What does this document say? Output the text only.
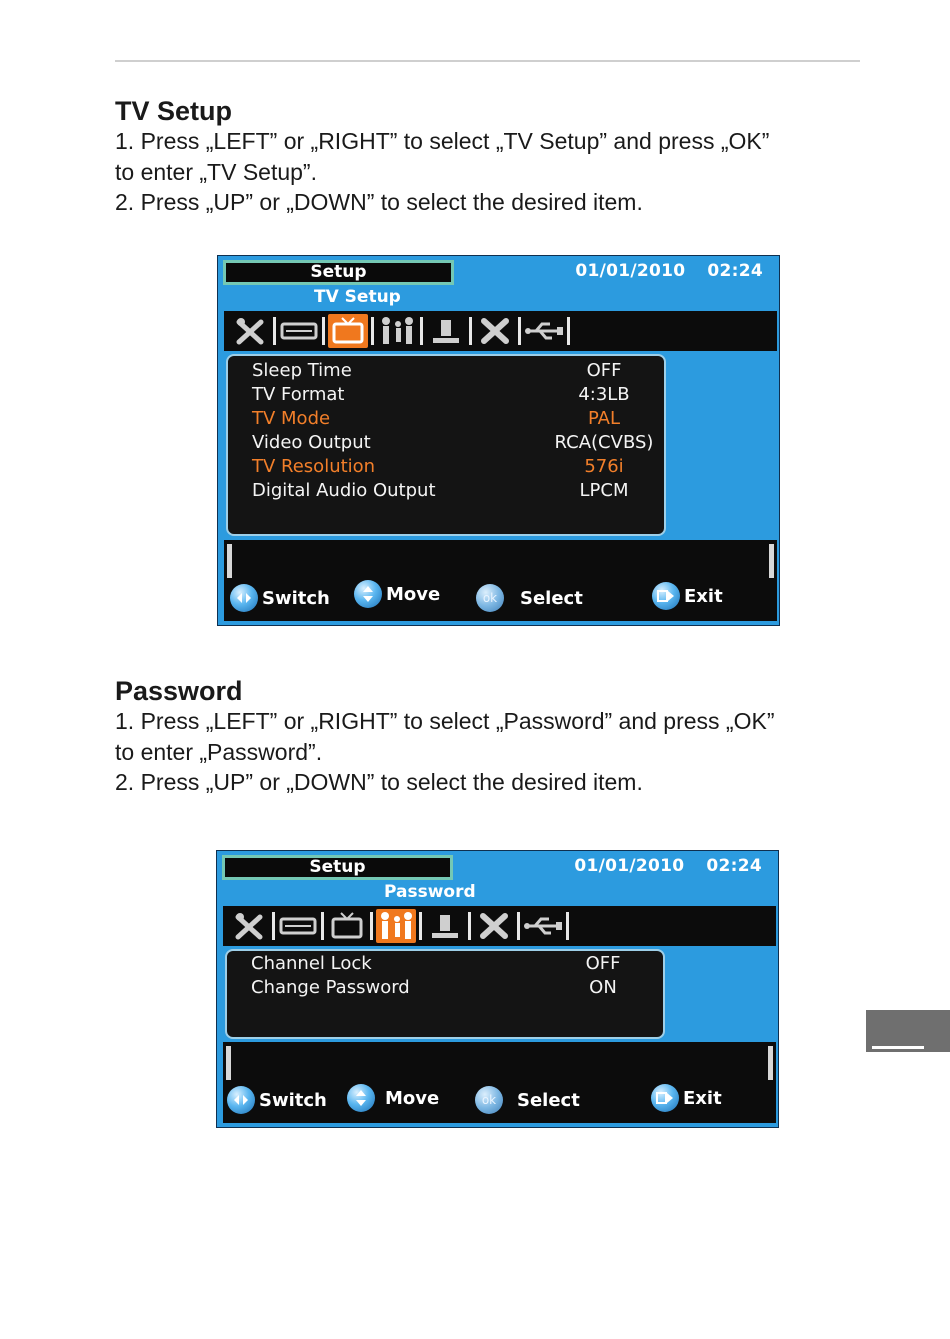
TV Setup

1. Press „LEFT” or „RIGHT” to select „TV Setup” and press „OK”

to enter „TV Setup”.

2. Press „UP” or „DOWN” to select the desired item.

Setup	01/01/2010 02:24
TV Setup
Sleep Time	OFF
TV Format	4:3LB
TV Mode	PAL
Video Output	RCA(CVBS)
TV Resolution	576i
Digital Audio Output	LPCM
Switch	Move	ok	Select	Exit
Password

1. Press „LEFT” or „RIGHT” to select „Password” and press „OK”

to enter „Password”.

2. Press „UP” or „DOWN” to select the desired item.

Setup	01/01/2010 02:24
Password
Channel Lock	OFF
Change Password	ON
Switch	Move	ok	Select	Exit
